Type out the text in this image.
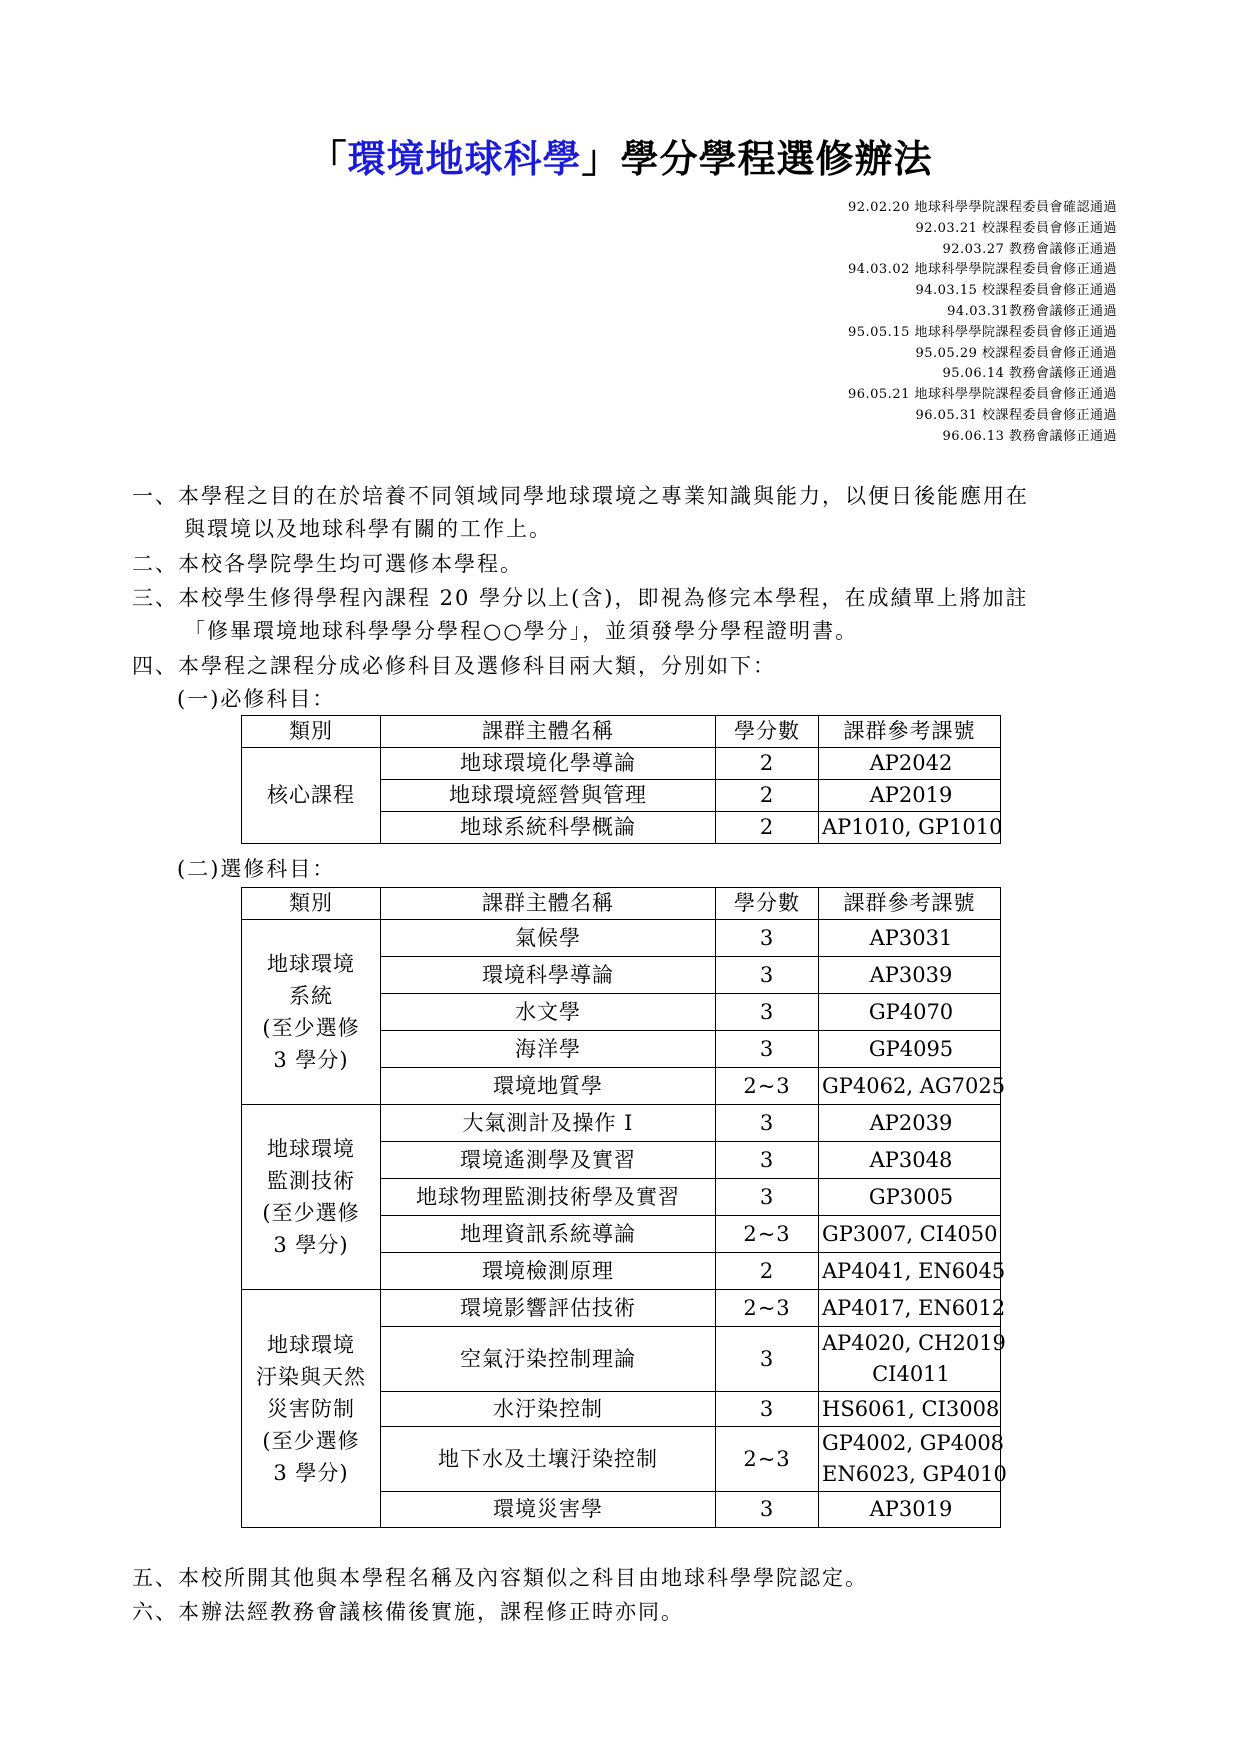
「環境地球科學」學分學程選修辦法
92.02.20 地球科學學院課程委員會確認通過
92.03.21 校課程委員會修正通過
92.03.27 教務會議修正通過
94.03.02 地球科學學院課程委員會修正通過
94.03.15 校課程委員會修正通過
94.03.31教務會議修正通過
95.05.15 地球科學學院課程委員會修正通過
95.05.29 校課程委員會修正通過
95.06.14 教務會議修正通過
96.05.21 地球科學學院課程委員會修正通過
96.05.31 校課程委員會修正通過
96.06.13 教務會議修正通過
一、本學程之目的在於培養不同領域同學地球環境之專業知識與能力，以便日後能應用在
與環境以及地球科學有關的工作上。
二、本校各學院學生均可選修本學程。
三、本校學生修得學程內課程 20 學分以上(含)，即視為修完本學程，在成績單上將加註
「修畢環境地球科學學分學程○○學分」，並須發學分學程證明書。
四、本學程之課程分成必修科目及選修科目兩大類，分別如下：
(一)必修科目：
類別	課群主體名稱	學分數	課群參考課號
核心課程	地球環境化學導論	2	AP2042
	地球環境經營與管理	2	AP2019
	地球系統科學概論	2	AP1010, GP1010
(二)選修科目：
類別	課群主體名稱	學分數	課群參考課號

地球環境
系統
(至少選修
3 學分)	氣候學	3	AP3031
	環境科學導論	3	AP3039
	水文學	3	GP4070
	海洋學	3	GP4095
	環境地質學	2~3	GP4062, AG7025

地球環境
監測技術
(至少選修
3 學分)	大氣測計及操作 I	3	AP2039
	環境遙測學及實習	3	AP3048
	地球物理監測技術學及實習	3	GP3005
	地理資訊系統導論	2~3	GP3007, CI4050
	環境檢測原理	2	AP4041, EN6045

地球環境
汙染與天然
災害防制
(至少選修
3 學分)	環境影響評估技術	2~3	AP4017, EN6012
	空氣汙染控制理論	3	AP4020, CH2019
CI4011

	水汙染控制	3	HS6061, CI3008
	地下水及土壤汙染控制	2~3	GP4002, GP4008
EN6023, GP4010

	環境災害學	3	AP3019
五、本校所開其他與本學程名稱及內容類似之科目由地球科學學院認定。
六、本辦法經教務會議核備後實施，課程修正時亦同。
